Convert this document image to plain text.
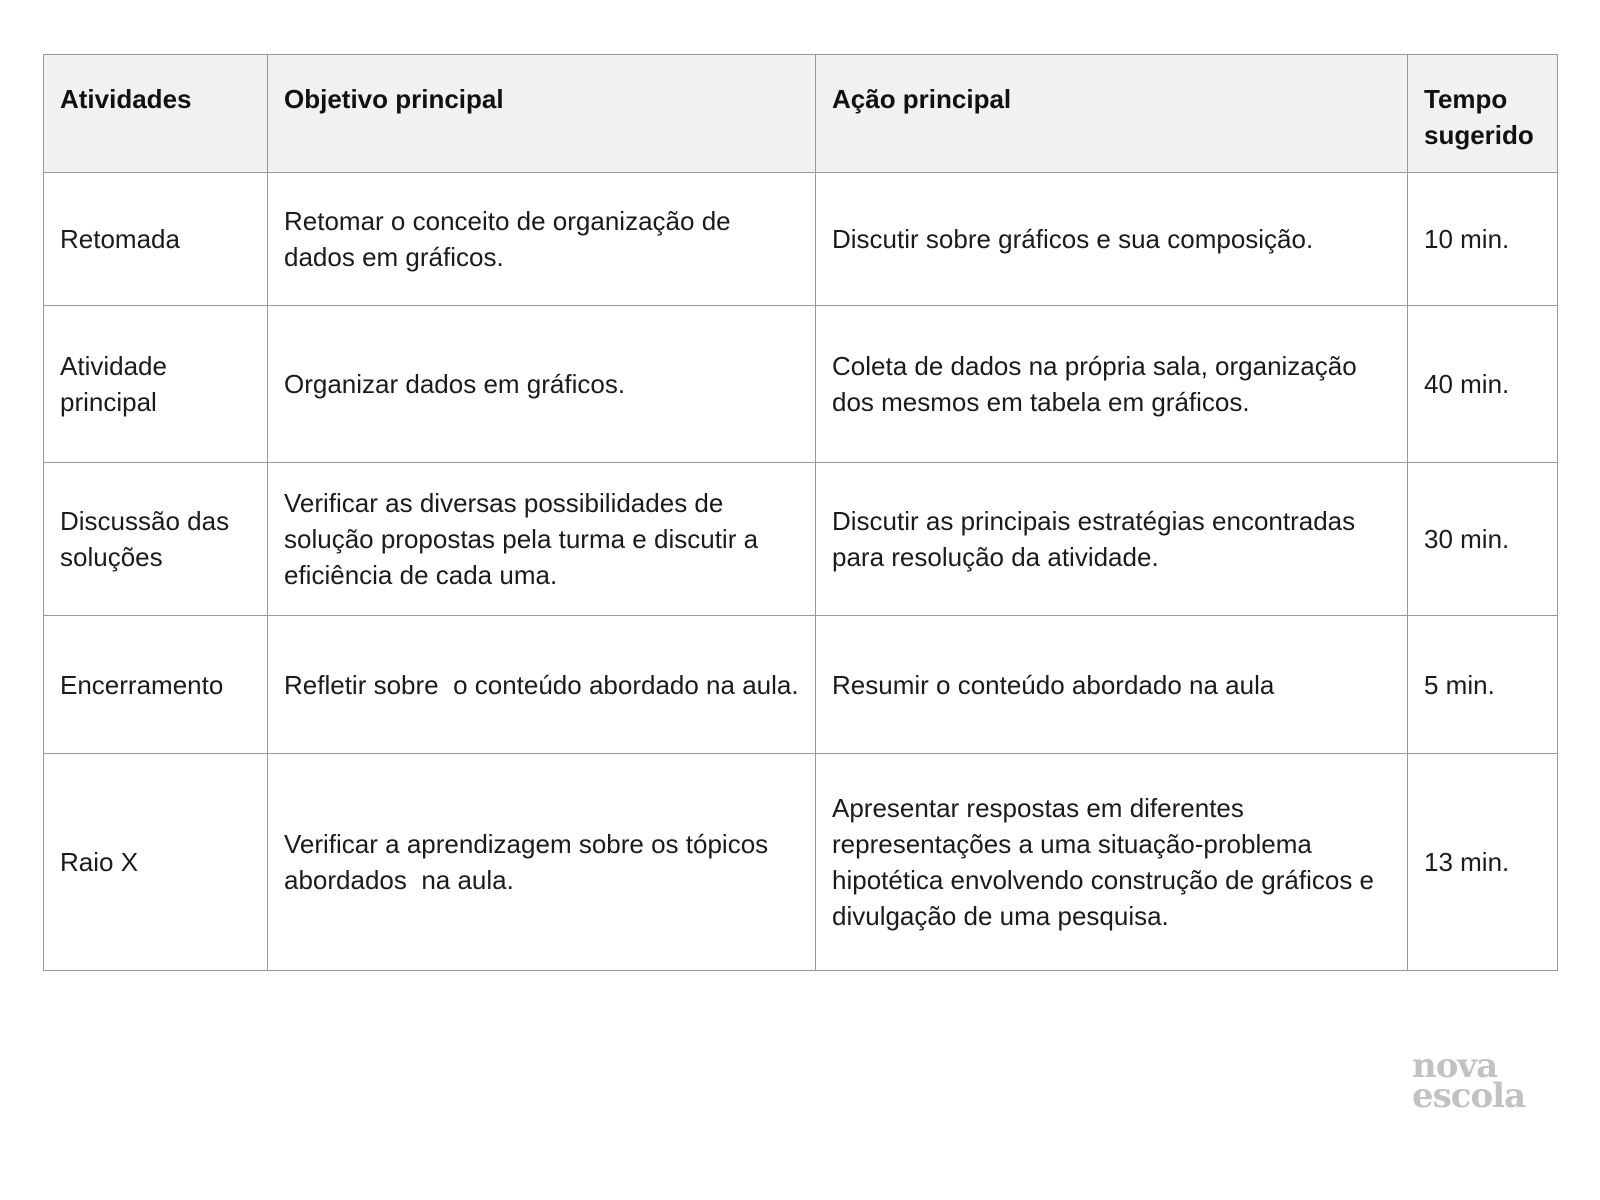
Atividades	Objetivo principal	Ação principal	Tempo sugerido
Retomada	Retomar o conceito de organização de dados em gráficos.	Discutir sobre gráficos e sua composição.	10 min.
Atividade principal	Organizar dados em gráficos.	Coleta de dados na própria sala, organização dos mesmos em tabela em gráficos.	40 min.
Discussão das soluções	Verificar as diversas possibilidades de solução propostas pela turma e discutir a eficiência de cada uma.	Discutir as principais estratégias encontradas para resolução da atividade.	30 min.
Encerramento	Refletir sobre  o conteúdo abordado na aula.	Resumir o conteúdo abordado na aula	5 min.
Raio X	Verificar a aprendizagem sobre os tópicos abordados  na aula.	Apresentar respostas em diferentes representações a uma situação-problema hipotética envolvendo construção de gráficos e divulgação de uma pesquisa.	13 min.
nova
escola
